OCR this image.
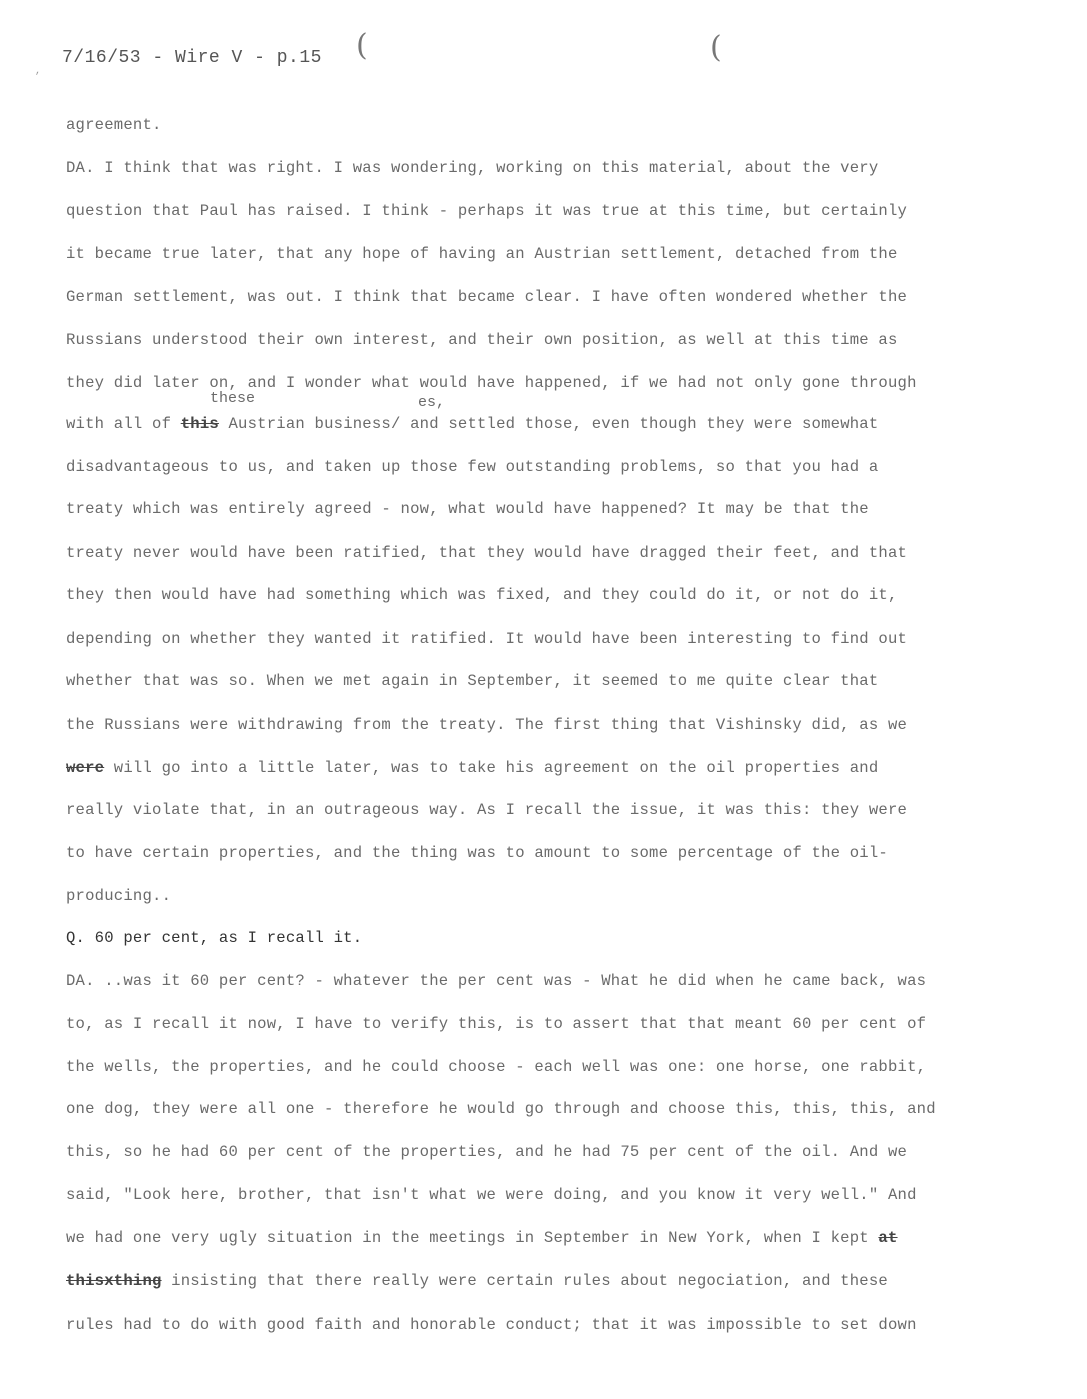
,
7/16/53 - Wire V - p.15 (	(
agreement.
DA. I think that was right. I was wondering, working on this material, about the very
question that Paul has raised. I think - perhaps it was true at this time, but certainly
it became true later, that any hope of having an Austrian settlement, detached from the
German settlement, was out. I think that became clear. I have often wondered whether the
Russians understood their own interest, and their own position, as well at this time as
they did later on, and I wonder what would have happened, if we had not only gone through
these	es,
with all of this Austrian business/ and settled those, even though they were somewhat
disadvantageous to us, and taken up those few outstanding problems, so that you had a
treaty which was entirely agreed - now, what would have happened? It may be that the
treaty never would have been ratified, that they would have dragged their feet, and that
they then would have had something which was fixed, and they could do it, or not do it,
depending on whether they wanted it ratified. It would have been interesting to find out
whether that was so. When we met again in September, it seemed to me quite clear that
the Russians were withdrawing from the treaty. The first thing that Vishinsky did, as we
were will go into a little later, was to take his agreement on the oil properties and
really violate that, in an outrageous way. As I recall the issue, it was this: they were
to have certain properties, and the thing was to amount to some percentage of the oil-
producing..
Q. 60 per cent, as I recall it.
DA. ..was it 60 per cent? - whatever the per cent was - What he did when he came back, was
to, as I recall it now, I have to verify this, is to assert that that meant 60 per cent of
the wells, the properties, and he could choose - each well was one: one horse, one rabbit,
one dog, they were all one - therefore he would go through and choose this, this, this, and
this, so he had 60 per cent of the properties, and he had 75 per cent of the oil. And we
said, "Look here, brother, that isn't what we were doing, and you know it very well." And
we had one very ugly situation in the meetings in September in New York, when I kept at
thisxthing insisting that there really were certain rules about negociation, and these
rules had to do with good faith and honorable conduct; that it was impossible to set down
